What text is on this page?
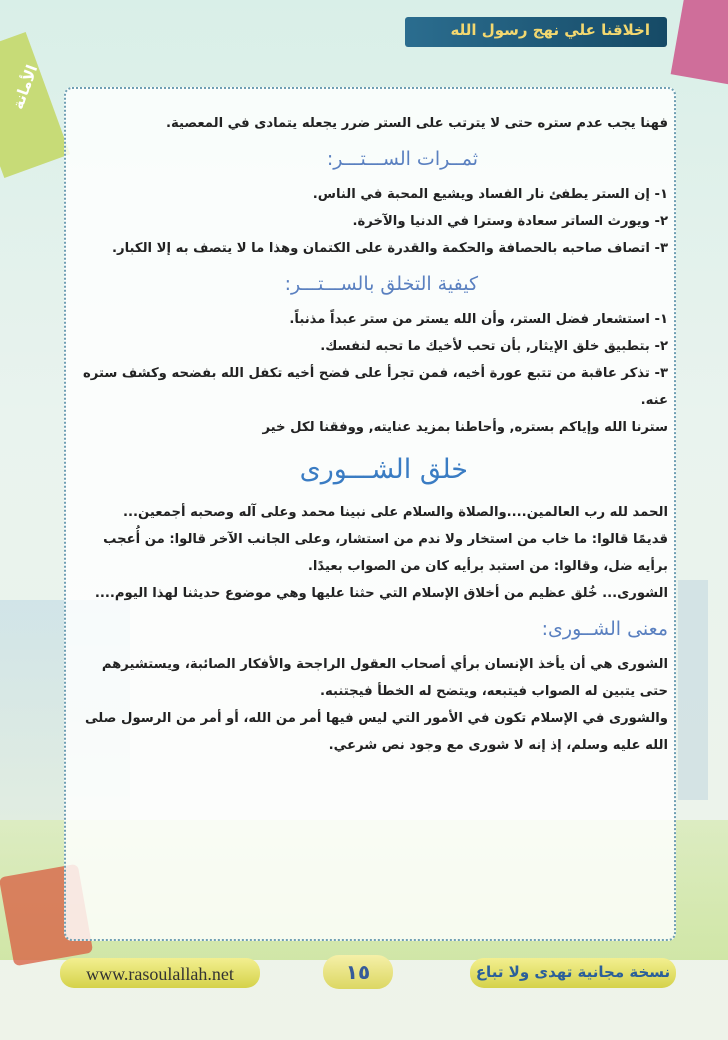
الأمانة
اخلاقنا علي نهج رسول الله

فهنا يجب عدم ستره حتى لا يترتب على الستر ضرر يجعله يتمادى في المعصية.

ثمــرات الســـتـــر:

١- إن الستر يطفئ نار الفساد ويشيع المحبة في الناس.

٢- ويورث الساتر سعادة وسترا في الدنيا والآخرة.

٣- اتصاف صاحبه بالحصافة والحكمة والقدرة على الكتمان وهذا ما لا يتصف به إلا الكبار.

كيفية التخلق بالســـتـــر:

١- استشعار فضل الستر، وأن الله يستر من ستر عبداً مذنباً.

٢- بتطبيق خلق الإيثار, بأن تحب لأخيك ما تحبه لنفسك.

٣- تذكر عاقبة من تتبع عورة أخيه، فمن تجرأ على فضح أخيه تكفل الله بفضحه وكشف ستره عنه.

سترنا الله وإياكم بستره, وأحاطنا بمزيد عنايته, ووفقنا لكل خير

خلق الشـــورى

الحمد لله رب العالمين....والصلاة والسلام على نبينا محمد وعلى آله وصحبه أجمعين...

قديمًا قالوا: ما خاب من استخار ولا ندم من استشار، وعلى الجانب الآخر قالوا: من أُعجب برأيه ضل، وقالوا: من استبد برأيه كان من الصواب بعيدًا.

الشورى... خُلق عظيم من أخلاق الإسلام التي حثنا عليها وهي موضوع حديثنا لهذا اليوم....

معنى الشــورى:

الشورى هي أن يأخذ الإنسان برأي أصحاب العقول الراجحة والأفكار الصائبة، ويستشيرهم حتى يتبين له الصواب فيتبعه، ويتضح له الخطأ فيجتنبه.

والشورى في الإسلام تكون في الأمور التي ليس فيها أمر من الله، أو أمر من الرسول صلى الله عليه وسلم، إذ إنه لا شورى مع وجود نص شرعي.

www.rasoulallah.net	١٥	نسخة مجانية تهدى ولا تباع
